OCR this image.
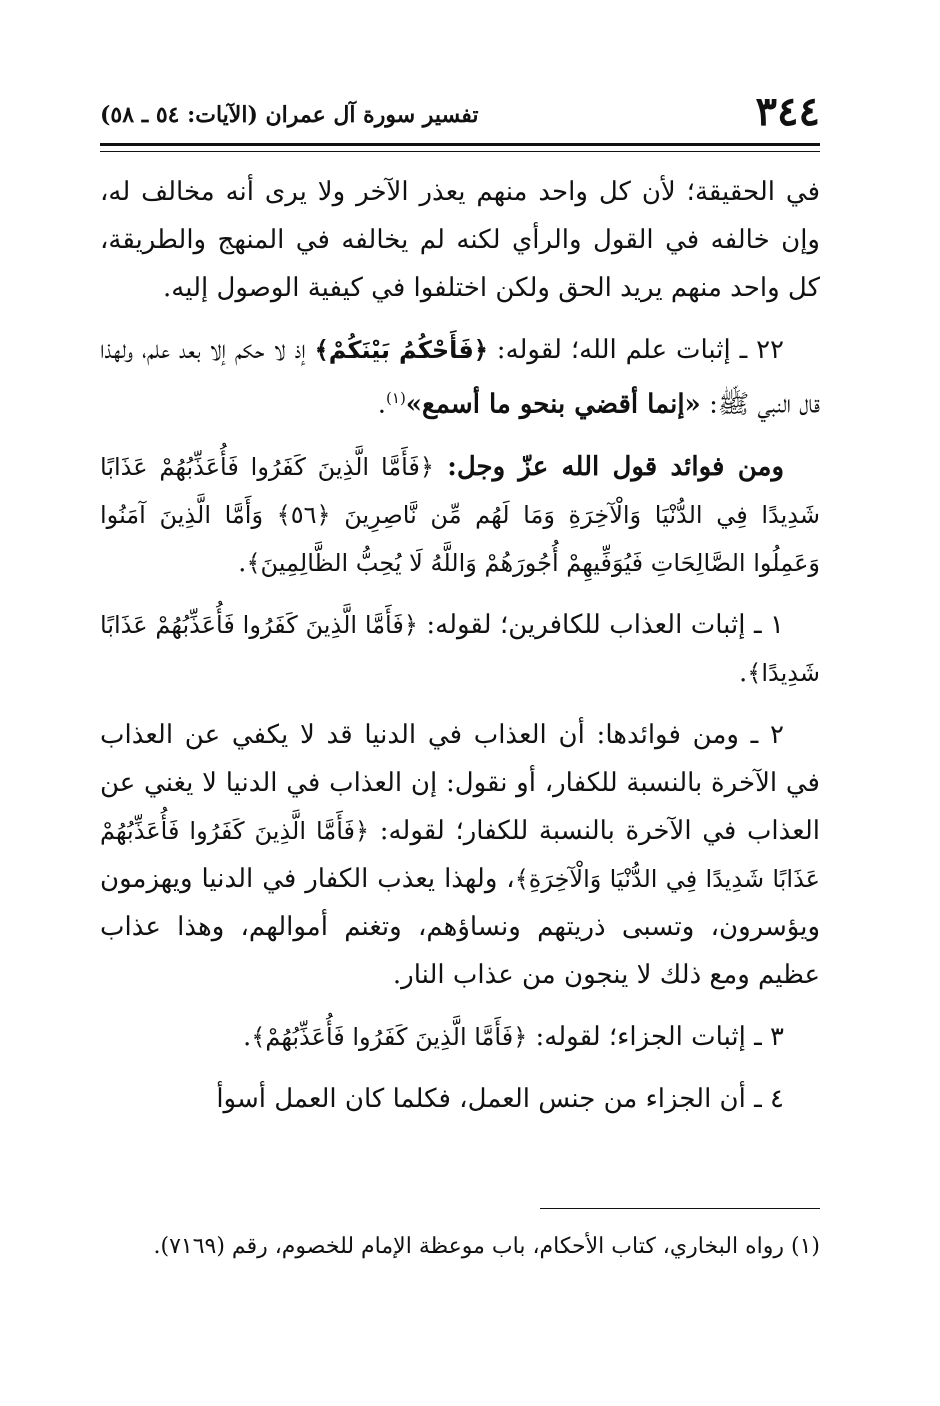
٣٤٤
تفسير سورة آل عمران (الآيات: ٥٤ ـ ٥٨)

في الحقيقة؛ لأن كل واحد منهم يعذر الآخر ولا يرى أنه مخالف له، وإن خالفه في القول والرأي لكنه لم يخالفه في المنهج والطريقة، كل واحد منهم يريد الحق ولكن اختلفوا في كيفية الوصول إليه.

٢٢ ـ إثبات علم الله؛ لقوله: ﴿فَأَحْكُمُ بَيْنَكُمْ﴾ إذ لا حكم إلا بعد علم، ولهذا قال النبي ﷺ: «إنما أقضي بنحو ما أسمع»$^{(١)}$.

ومن فوائد قول الله عزّ وجل: ﴿فَأَمَّا الَّذِينَ كَفَرُوا فَأُعَذِّبُهُمْ عَذَابًا شَدِيدًا فِي الدُّنْيَا وَالْآخِرَةِ وَمَا لَهُم مِّن نَّاصِرِينَ ﴿٥٦﴾ وَأَمَّا الَّذِينَ آمَنُوا وَعَمِلُوا الصَّالِحَاتِ فَيُوَفِّيهِمْ أُجُورَهُمْ وَاللَّهُ لَا يُحِبُّ الظَّالِمِينَ﴾.

١ ـ إثبات العذاب للكافرين؛ لقوله: ﴿فَأَمَّا الَّذِينَ كَفَرُوا فَأُعَذِّبُهُمْ عَذَابًا شَدِيدًا﴾.

٢ ـ ومن فوائدها: أن العذاب في الدنيا قد لا يكفي عن العذاب في الآخرة بالنسبة للكفار، أو نقول: إن العذاب في الدنيا لا يغني عن العذاب في الآخرة بالنسبة للكفار؛ لقوله: ﴿فَأَمَّا الَّذِينَ كَفَرُوا فَأُعَذِّبُهُمْ عَذَابًا شَدِيدًا فِي الدُّنْيَا وَالْآخِرَةِ﴾، ولهذا يعذب الكفار في الدنيا ويهزمون ويؤسرون، وتسبى ذريتهم ونساؤهم، وتغنم أموالهم، وهذا عذاب عظيم ومع ذلك لا ينجون من عذاب النار.

٣ ـ إثبات الجزاء؛ لقوله: ﴿فَأَمَّا الَّذِينَ كَفَرُوا فَأُعَذِّبُهُمْ﴾.

٤ ـ أن الجزاء من جنس العمل، فكلما كان العمل أسوأ

(١) رواه البخاري، كتاب الأحكام، باب موعظة الإمام للخصوم، رقم (٧١٦٩).
